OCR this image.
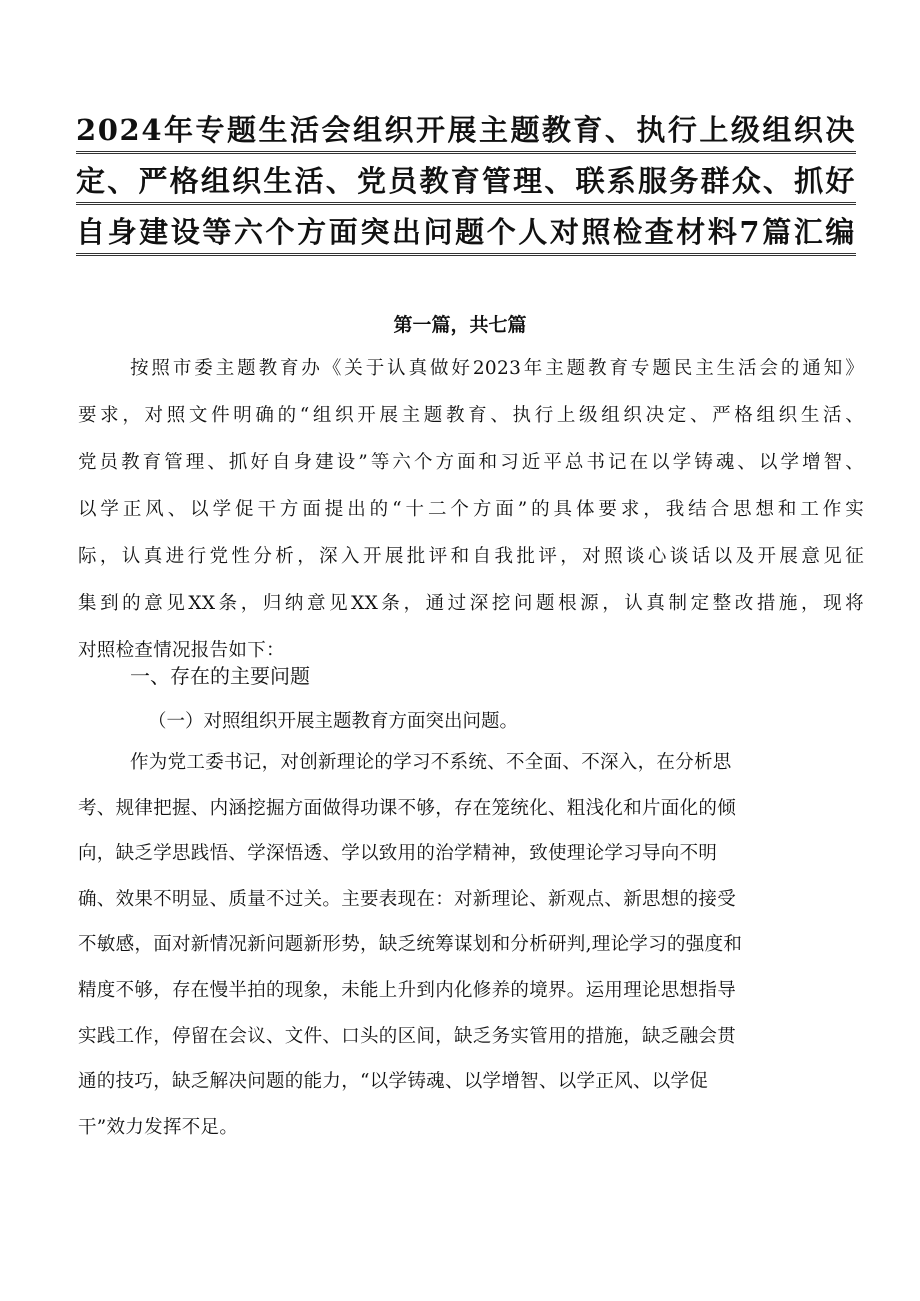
2024年专题生活会组织开展主题教育、执行上级组织决
定、严格组织生活、党员教育管理、联系服务群众、抓好
自身建设等六个方面突出问题个人对照检查材料7篇汇编
第一篇，共七篇
按照市委主题教育办《关于认真做好2023年主题教育专题民主生活会的通知》
要求，对照文件明确的“组织开展主题教育、执行上级组织决定、严格组织生活、
党员教育管理、抓好自身建设”等六个方面和习近平总书记在以学铸魂、以学增智、
以学正风、以学促干方面提出的“十二个方面”的具体要求，我结合思想和工作实
际，认真进行党性分析，深入开展批评和自我批评，对照谈心谈话以及开展意见征
集到的意见XX条，归纳意见XX条，通过深挖问题根源，认真制定整改措施，现将
对照检查情况报告如下：
一、存在的主要问题
（一）对照组织开展主题教育方面突出问题。
作为党工委书记，对创新理论的学习不系统、不全面、不深入，在分析思
考、规律把握、内涵挖掘方面做得功课不够，存在笼统化、粗浅化和片面化的倾
向，缺乏学思践悟、学深悟透、学以致用的治学精神，致使理论学习导向不明
确、效果不明显、质量不过关。主要表现在：对新理论、新观点、新思想的接受
不敏感，面对新情况新问题新形势，缺乏统筹谋划和分析研判,理论学习的强度和
精度不够，存在慢半拍的现象，未能上升到内化修养的境界。运用理论思想指导
实践工作，停留在会议、文件、口头的区间，缺乏务实管用的措施，缺乏融会贯
通的技巧，缺乏解决问题的能力，“以学铸魂、以学增智、以学正风、以学促
干”效力发挥不足。
